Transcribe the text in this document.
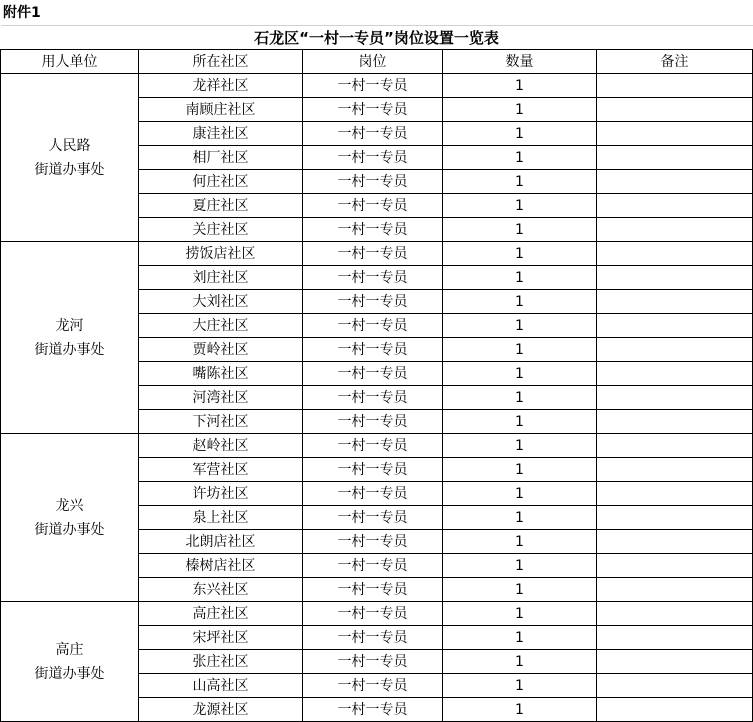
附件1
石龙区“一村一专员”岗位设置一览表				
用人单位	所在社区	岗位	数量	备注

人民路
街道办事处	龙祥社区	一村一专员	1	
	南顾庄社区	一村一专员	1	
	康洼社区	一村一专员	1	
	相厂社区	一村一专员	1	
	何庄社区	一村一专员	1	
	夏庄社区	一村一专员	1	
	关庄社区	一村一专员	1	

龙河
街道办事处	捞饭店社区	一村一专员	1	
	刘庄社区	一村一专员	1	
	大刘社区	一村一专员	1	
	大庄社区	一村一专员	1	
	贾岭社区	一村一专员	1	
	嘴陈社区	一村一专员	1	
	河湾社区	一村一专员	1	
	下河社区	一村一专员	1	

龙兴
街道办事处	赵岭社区	一村一专员	1	
	军营社区	一村一专员	1	
	许坊社区	一村一专员	1	
	泉上社区	一村一专员	1	
	北朗店社区	一村一专员	1	
	榛树店社区	一村一专员	1	
	东兴社区	一村一专员	1	

高庄
街道办事处	高庄社区	一村一专员	1	
	宋坪社区	一村一专员	1	
	张庄社区	一村一专员	1	
	山高社区	一村一专员	1	
	龙源社区	一村一专员	1	
